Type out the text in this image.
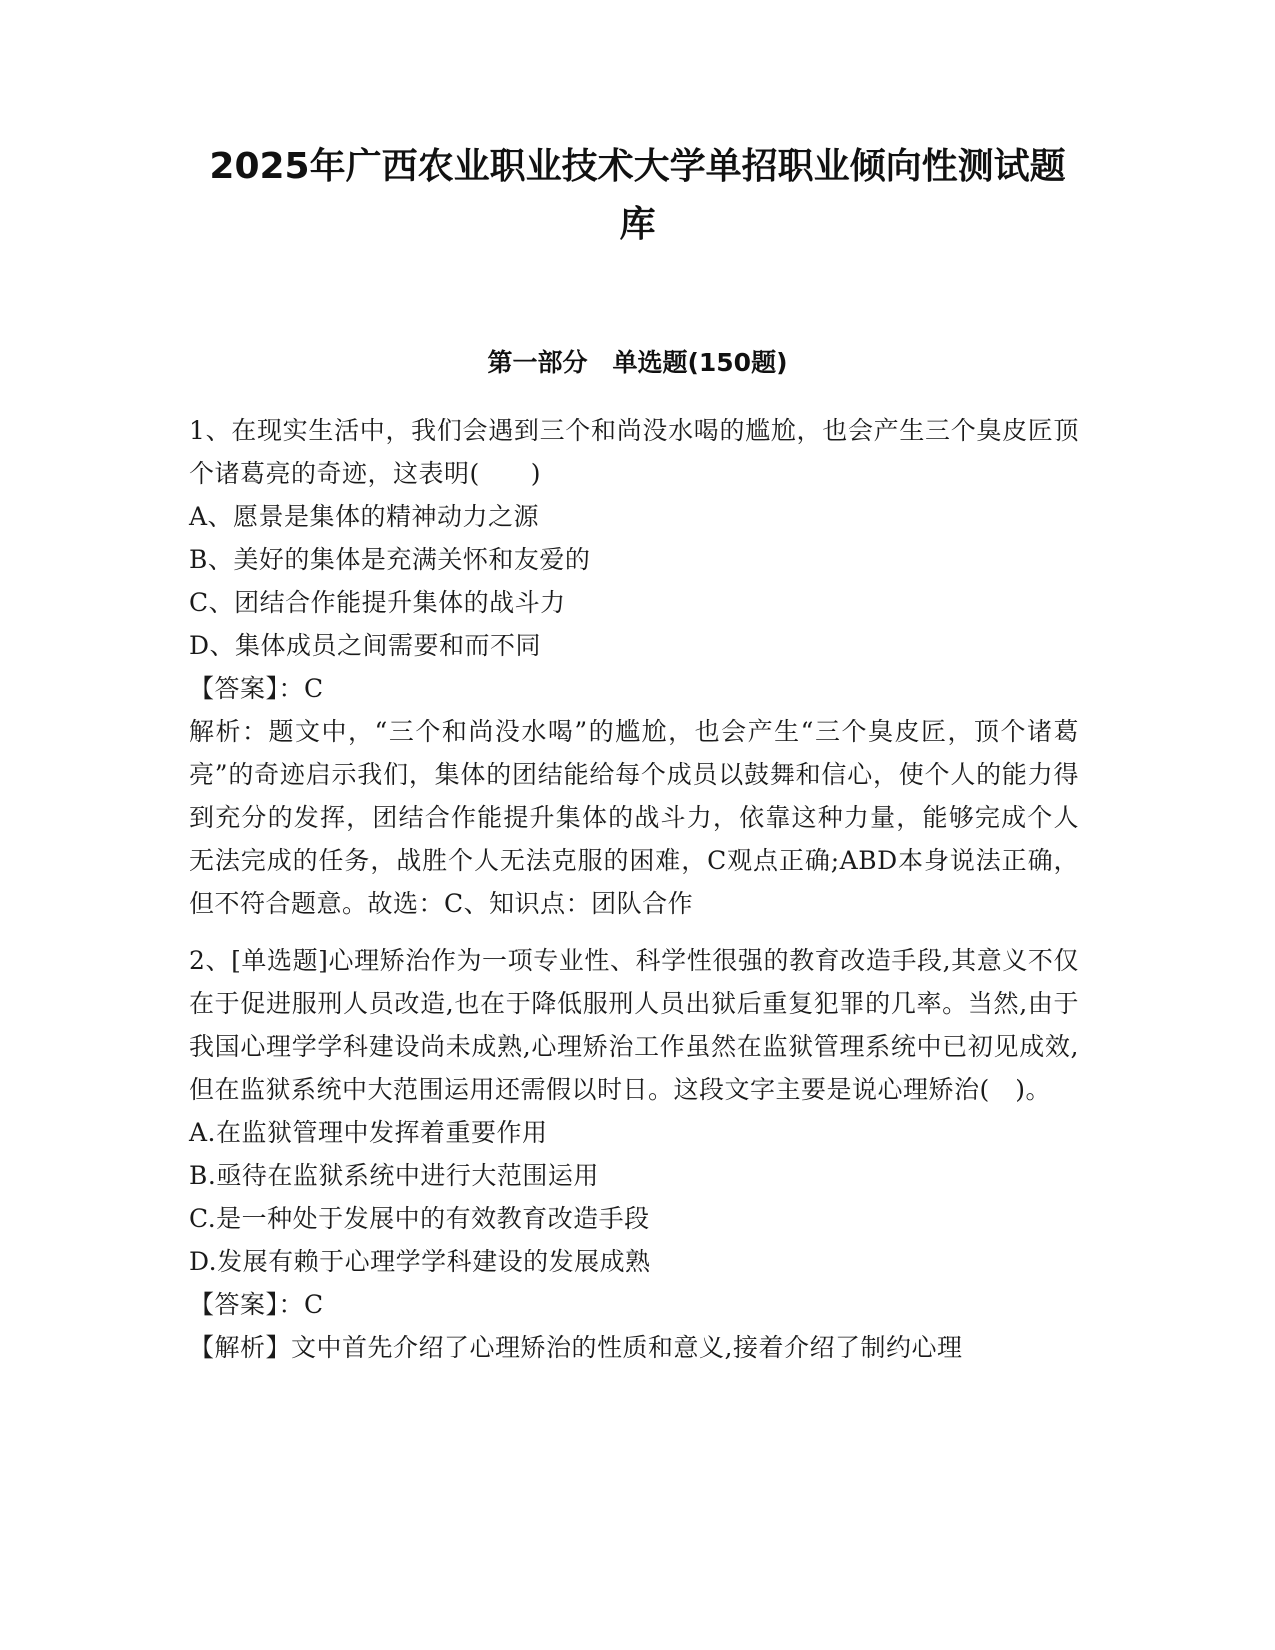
2025年广西农业职业技术大学单招职业倾向性测试题
库
第一部分　单选题(150题)

1、在现实生活中，我们会遇到三个和尚没水喝的尴尬，也会产生三个臭皮匠顶个诸葛亮的奇迹，这表明(　　)

A、愿景是集体的精神动力之源

B、美好的集体是充满关怀和友爱的

C、团结合作能提升集体的战斗力

D、集体成员之间需要和而不同

【答案】：C

解析：题文中，“三个和尚没水喝”的尴尬，也会产生“三个臭皮匠，顶个诸葛亮”的奇迹启示我们，集体的团结能给每个成员以鼓舞和信心，使个人的能力得到充分的发挥，团结合作能提升集体的战斗力，依靠这种力量，能够完成个人无法完成的任务，战胜个人无法克服的困难，C观点正确;ABD本身说法正确，但不符合题意。故选：C、知识点：团队合作

2、[单选题]心理矫治作为一项专业性、科学性很强的教育改造手段,其意义不仅在于促进服刑人员改造,也在于降低服刑人员出狱后重复犯罪的几率。当然,由于我国心理学学科建设尚未成熟,心理矫治工作虽然在监狱管理系统中已初见成效,但在监狱系统中大范围运用还需假以时日。这段文字主要是说心理矫治(　)。

A.在监狱管理中发挥着重要作用

B.亟待在监狱系统中进行大范围运用

C.是一种处于发展中的有效教育改造手段

D.发展有赖于心理学学科建设的发展成熟

【答案】：C

【解析】文中首先介绍了心理矫治的性质和意义,接着介绍了制约心理
